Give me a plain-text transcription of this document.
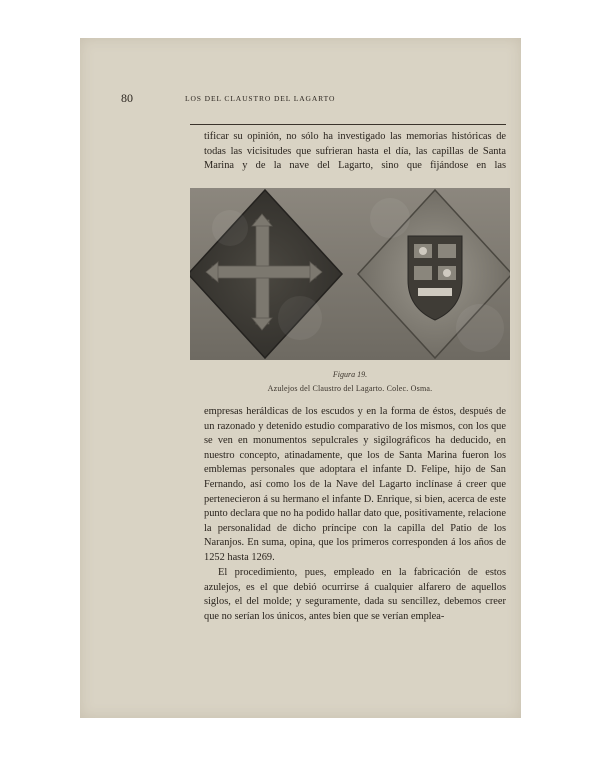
80	LOS DEL CLAUSTRO DEL LAGARTO

tificar su opinión, no sólo ha investigado las memorias históricas de todas las vicisitudes que sufrieran hasta el día, las capillas de Santa Marina y de la nave del Lagarto, sino que fijándose en las

Figura 19.
Azulejos del Claustro del Lagarto. Colec. Osma.

empresas heráldicas de los escudos y en la forma de éstos, después de un razonado y detenido estudio comparativo de los mismos, con los que se ven en monumentos sepulcrales y sigilográficos ha deducido, en nuestro concepto, atinadamente, que los de Santa Marina fueron los emblemas personales que adoptara el infante D. Felipe, hijo de San Fernando, así como los de la Nave del Lagarto inclínase á creer que pertenecieron á su hermano el infante D. Enrique, si bien, acerca de este punto declara que no ha podido hallar dato que, positivamente, relacione la personalidad de dicho príncipe con la capilla del Patio de los Naranjos. En suma, opina, que los primeros corresponden á los años de 1252 hasta 1269.

El procedimiento, pues, empleado en la fabricación de estos azulejos, es el que debió ocurrirse á cualquier alfarero de aquellos siglos, el del molde; y seguramente, dada su sencillez, debemos creer que no serían los únicos, antes bien que se verían emplea-
